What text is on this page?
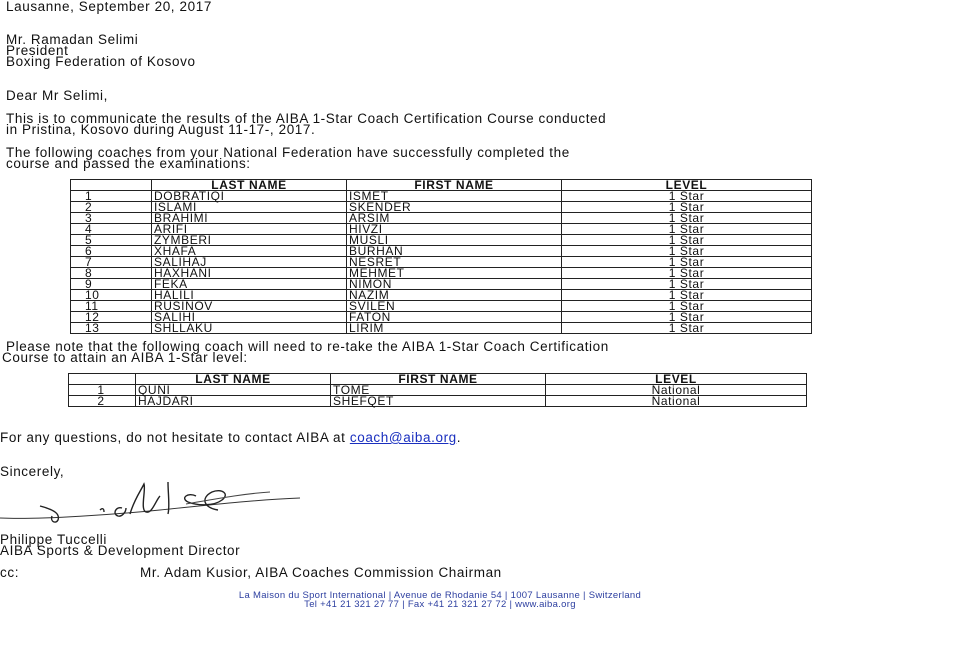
Lausanne, September 20, 2017
Mr. Ramadan Selimi
President
Boxing Federation of Kosovo
Dear Mr Selimi,
This is to communicate the results of the AIBA 1-Star Coach Certification Course conducted
in Pristina, Kosovo during August 11-17-, 2017.
The following coaches from your National Federation have successfully completed the
course and passed the examinations:
	LAST NAME	FIRST NAME	LEVEL
1	DOBRATIQI	ISMET	1 Star
2	ISLAMI	SKENDER	1 Star
3	BRAHIMI	ARSIM	1 Star
4	ARIFI	HIVZI	1 Star
5	ZYMBERI	MUSLI	1 Star
6	XHAFA	BURHAN	1 Star
7	SALIHAJ	NESRET	1 Star
8	HAXHANI	MEHMET	1 Star
9	FEKA	NIMON	1 Star
10	HALILI	NAZIM	1 Star
11	RUSINOV	SVILEN	1 Star
12	SALIHI	FATON	1 Star
13	SHLLAKU	LIRIM	1 Star
Please note that the following coach will need to re-take the AIBA 1-Star Coach Certification
Course to attain an AIBA 1-Star level:
	LAST NAME	FIRST NAME	LEVEL
1	QUNI	TOME	National
2	HAJDARI	SHEFQET	National
For any questions, do not hesitate to contact AIBA at coach@aiba.org.
Sincerely,
Philippe Tuccelli
AIBA Sports & Development Director
cc:	Mr. Adam Kusior, AIBA Coaches Commission Chairman
La Maison du Sport International | Avenue de Rhodanie 54 | 1007 Lausanne | Switzerland
Tel +41 21 321 27 77 | Fax +41 21 321 27 72 | www.aiba.org
